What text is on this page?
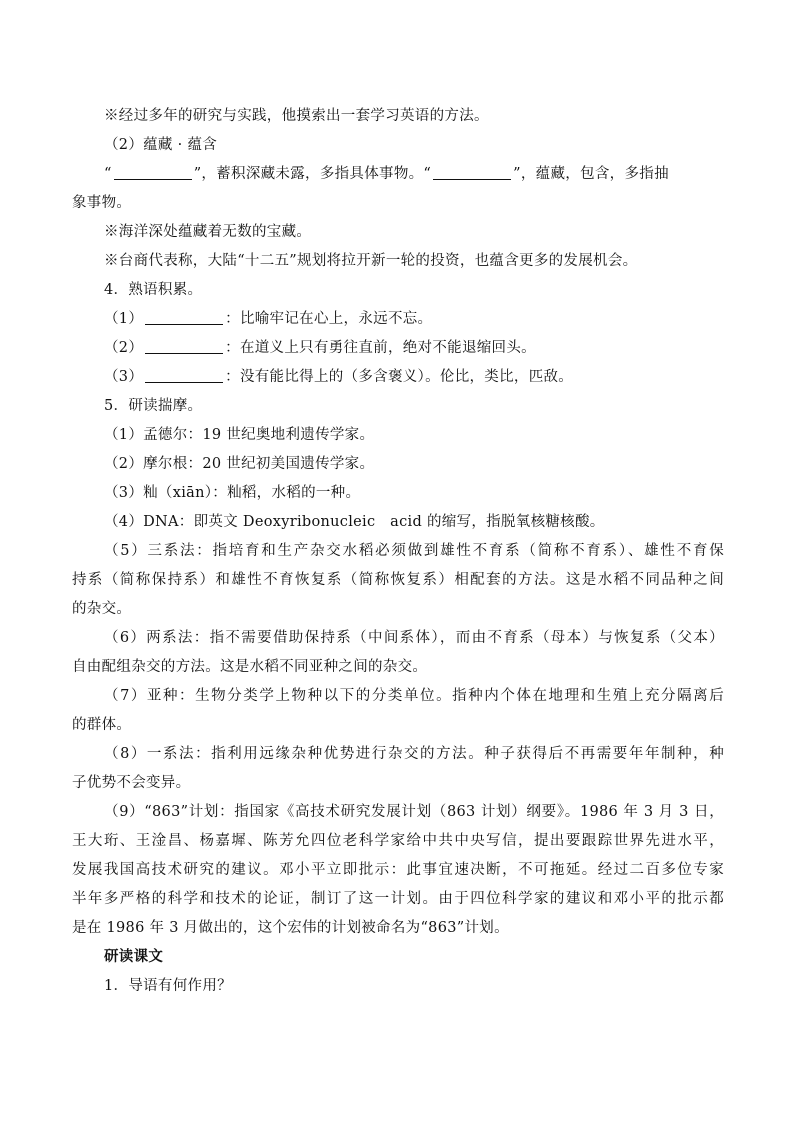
※经过多年的研究与实践，他摸索出一套学习英语的方法。
（2）蕴藏 · 蕴含
“	”，蓄积深藏未露，多指具体事物。“	”，蕴藏，包含，多指抽
象事物。
※海洋深处蕴藏着无数的宝藏。
※台商代表称，大陆“十二五”规划将拉开新一轮的投资，也蕴含更多的发展机会。
4．熟语积累。
（1）	：比喻牢记在心上，永远不忘。
（2）	：在道义上只有勇往直前，绝对不能退缩回头。
（3）	：没有能比得上的（多含褒义）。伦比，类比，匹敌。
5．研读揣摩。
（1）孟德尔：19 世纪奥地利遗传学家。
（2）摩尔根：20 世纪初美国遗传学家。
（3）籼（xiān）：籼稻，水稻的一种。
（4）DNA：即英文 Deoxyribonucleic　acid 的缩写，指脱氧核糖核酸。
（5）三系法：指培育和生产杂交水稻必须做到雄性不育系（简称不育系）、雄性不育保
持系（简称保持系）和雄性不育恢复系（简称恢复系）相配套的方法。这是水稻不同品种之间
的杂交。
（6）两系法：指不需要借助保持系（中间系体），而由不育系（母本）与恢复系（父本）
自由配组杂交的方法。这是水稻不同亚种之间的杂交。
（7）亚种：生物分类学上物种以下的分类单位。指种内个体在地理和生殖上充分隔离后
的群体。
（8）一系法：指利用远缘杂种优势进行杂交的方法。种子获得后不再需要年年制种，种
子优势不会变异。
（9）“863”计划：指国家《高技术研究发展计划（863 计划）纲要》。1986 年 3 月 3 日，
王大珩、王淦昌、杨嘉墀、陈芳允四位老科学家给中共中央写信，提出要跟踪世界先进水平，
发展我国高技术研究的建议。邓小平立即批示：此事宜速决断，不可拖延。经过二百多位专家
半年多严格的科学和技术的论证，制订了这一计划。由于四位科学家的建议和邓小平的批示都
是在 1986 年 3 月做出的，这个宏伟的计划被命名为“863”计划。
研读课文
1．导语有何作用？
